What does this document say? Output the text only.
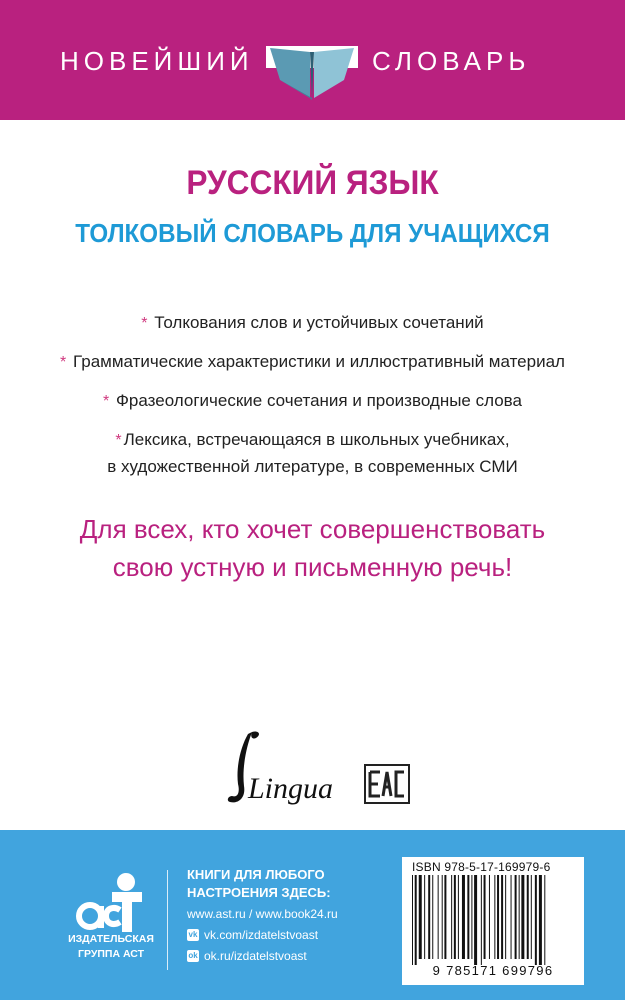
НОВЕЙШИЙ	СЛОВАРЬ
РУССКИЙ ЯЗЫК
ТОЛКОВЫЙ СЛОВАРЬ ДЛЯ УЧАЩИХСЯ
* Толкования слов и устойчивых сочетаний
* Грамматические характеристики и иллюстративный материал
* Фразеологические сочетания и производные слова
* Лексика, встречающаяся в школьных учебниках,
в художественной литературе, в современных СМИ
Для всех, кто хочет совершенствовать
свою устную и письменную речь!
Lingua
ИЗДАТЕЛЬСКАЯ
ГРУППА АСТ
КНИГИ ДЛЯ ЛЮБОГО
НАСТРОЕНИЯ ЗДЕСЬ:
www.ast.ru / www.book24.ru
vk vk.com/izdatelstvoast
ok ok.ru/izdatelstvoast
ISBN 978-5-17-169979-6
9 785171 699796
